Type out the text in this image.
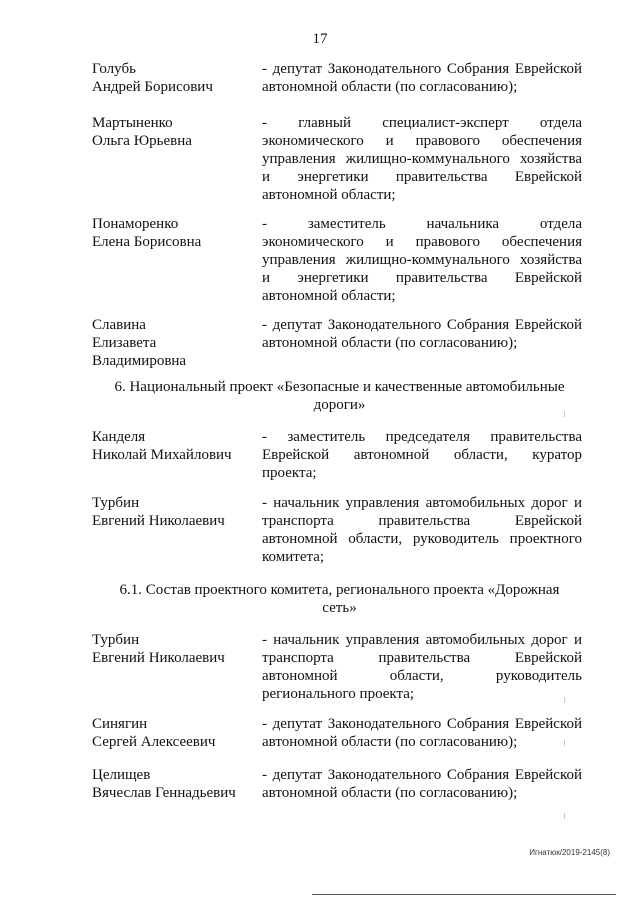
17
Голубь
Андрей Борисович
- депутат Законодательного Собрания Еврейской
автономной области (по согласованию);
Мартыненко
Ольга Юрьевна
- главный специалист-эксперт отдела
экономического и правового обеспечения
управления жилищно-коммунального хозяйства
и энергетики правительства Еврейской
автономной области;
Понаморенко
Елена Борисовна
- заместитель начальника отдела
экономического и правового обеспечения
управления жилищно-коммунального хозяйства
и энергетики правительства Еврейской
автономной области;
Славина
Елизавета
Владимировна
- депутат Законодательного Собрания Еврейской
автономной области (по согласованию);
6. Национальный проект «Безопасные и качественные автомобильные
дороги»
Канделя
Николай Михайлович
- заместитель председателя правительства
Еврейской автономной области, куратор
проекта;
Турбин
Евгений Николаевич
- начальник управления автомобильных дорог и
транспорта правительства Еврейской
автономной области, руководитель проектного
комитета;
6.1. Состав проектного комитета, регионального проекта «Дорожная
сеть»
Турбин
Евгений Николаевич
- начальник управления автомобильных дорог и
транспорта правительства Еврейской
автономной области, руководитель
регионального проекта;
Синягин
Сергей Алексеевич
- депутат Законодательного Собрания Еврейской
автономной области (по согласованию);
Целищев
Вячеслав Геннадьевич
- депутат Законодательного Собрания Еврейской
автономной области (по согласованию);
Игнатюк/2019-2145(8)
